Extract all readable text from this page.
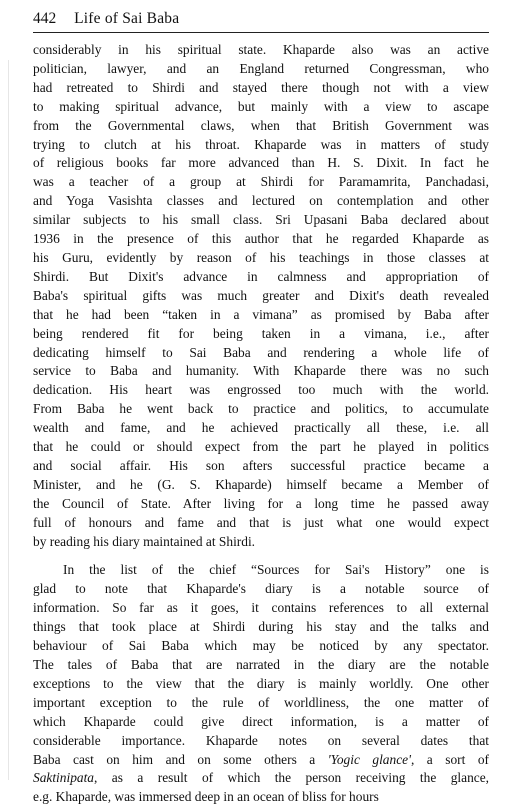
442 Life of Sai Baba
considerably in his spiritual state. Khaparde also was an active
politician, lawyer, and an England returned Congressman, who
had retreated to Shirdi and stayed there though not with a view
to making spiritual advance, but mainly with a view to ascape
from the Governmental claws, when that British Government was
trying to clutch at his throat. Khaparde was in matters of study
of religious books far more advanced than H. S. Dixit. In fact he
was a teacher of a group at Shirdi for Paramamrita, Panchadasi,
and Yoga Vasishta classes and lectured on contemplation and other
similar subjects to his small class. Sri Upasani Baba declared about
1936 in the presence of this author that he regarded Khaparde as
his Guru, evidently by reason of his teachings in those classes at
Shirdi. But Dixit's advance in calmness and appropriation of
Baba's spiritual gifts was much greater and Dixit's death revealed
that he had been “taken in a vimana” as promised by Baba after
being rendered fit for being taken in a vimana, i.e., after
dedicating himself to Sai Baba and rendering a whole life of
service to Baba and humanity. With Khaparde there was no such
dedication. His heart was engrossed too much with the world.
From Baba he went back to practice and politics, to accumulate
wealth and fame, and he achieved practically all these, i.e. all
that he could or should expect from the part he played in politics
and social affair. His son afters successful practice became a
Minister, and he (G. S. Khaparde) himself became a Member of
the Council of State. After living for a long time he passed away
full of honours and fame and that is just what one would expect
by reading his diary maintained at Shirdi.
In the list of the chief “Sources for Sai's History” one is
glad to note that Khaparde's diary is a notable source of
information. So far as it goes, it contains references to all external
things that took place at Shirdi during his stay and the talks and
behaviour of Sai Baba which may be noticed by any spectator.
The tales of Baba that are narrated in the diary are the notable
exceptions to the view that the diary is mainly worldly. One other
important exception to the rule of worldliness, the one matter of
which Khaparde could give direct information, is a matter of
considerable importance. Khaparde notes on several dates that
Baba cast on him and on some others a 'Yogic glance', a sort of
Saktinipata, as a result of which the person receiving the glance,
e.g. Khaparde, was immersed deep in an ocean of bliss for hours
